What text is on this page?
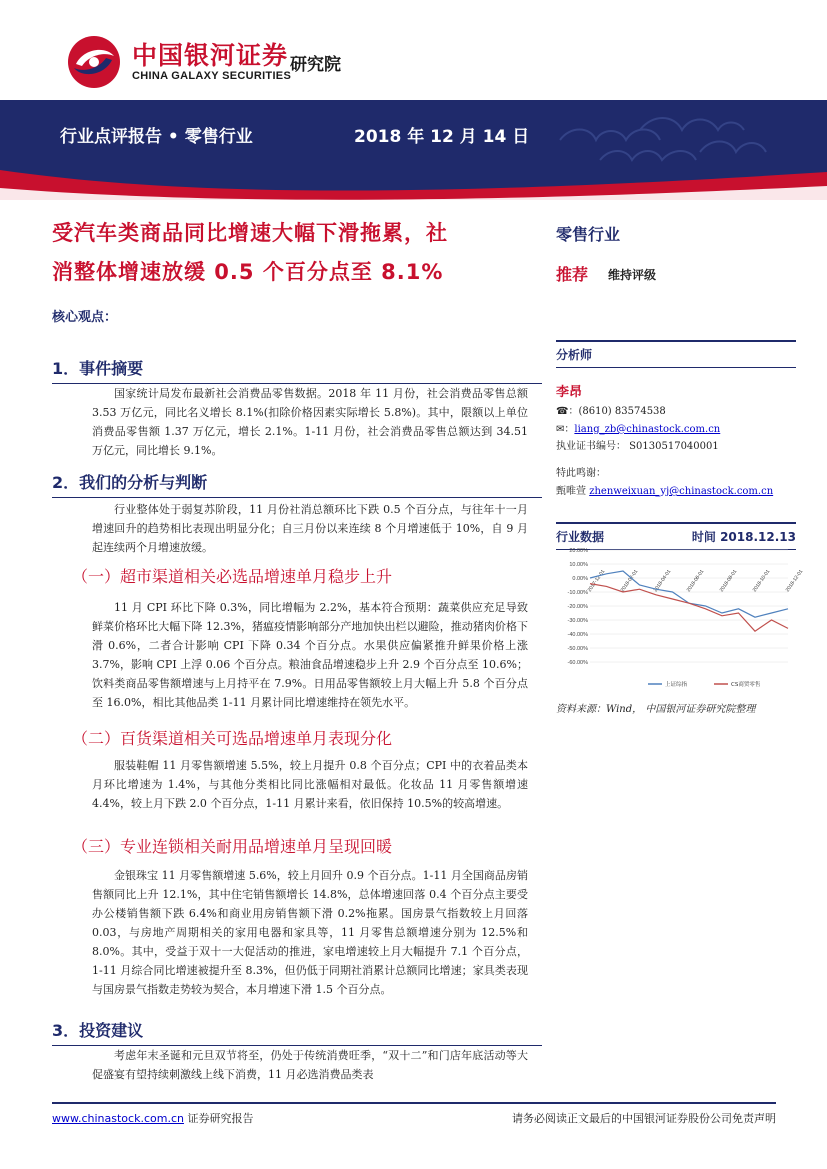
中国银河证券
CHINA GALAXY SECURITIES
研究院
行业点评报告 • 零售行业	2018 年 12 月 14 日
受汽车类商品同比增速大幅下滑拖累，社
消整体增速放缓 0.5 个百分点至 8.1%
核心观点：
1．事件摘要
国家统计局发布最新社会消费品零售数据。2018 年 11 月份，社会消费品零售总额 3.53 万亿元，同比名义增长 8.1%(扣除价格因素实际增长 5.8%)。其中，限额以上单位消费品零售额 1.37 万亿元，增长 2.1%。1-11 月份，社会消费品零售总额达到 34.51 万亿元，同比增长 9.1%。
2．我们的分析与判断
行业整体处于弱复苏阶段，11 月份社消总额环比下跌 0.5 个百分点，与往年十一月增速回升的趋势相比表现出明显分化；自三月份以来连续 8 个月增速低于 10%，自 9 月起连续两个月增速放缓。
（一）超市渠道相关必选品增速单月稳步上升
11 月 CPI 环比下降 0.3%，同比增幅为 2.2%，基本符合预期：蔬菜供应充足导致鲜菜价格环比大幅下降 12.3%，猪瘟疫情影响部分产地加快出栏以避险，推动猪肉价格下滑 0.6%，二者合计影响 CPI 下降 0.34 个百分点。水果供应偏紧推升鲜果价格上涨 3.7%，影响 CPI 上浮 0.06 个百分点。粮油食品增速稳步上升 2.9 个百分点至 10.6%；饮料类商品零售额增速与上月持平在 7.9%。日用品零售额较上月大幅上升 5.8 个百分点至 16.0%，相比其他品类 1-11 月累计同比增速维持在领先水平。
（二）百货渠道相关可选品增速单月表现分化
服装鞋帽 11 月零售额增速 5.5%，较上月提升 0.8 个百分点；CPI 中的衣着品类本月环比增速为 1.4%，与其他分类相比同比涨幅相对最低。化妆品 11 月零售额增速 4.4%，较上月下跌 2.0 个百分点，1-11 月累计来看，依旧保持 10.5%的较高增速。
（三）专业连锁相关耐用品增速单月呈现回暖
金银珠宝 11 月零售额增速 5.6%，较上月回升 0.9 个百分点。1-11 月全国商品房销售额同比上升 12.1%，其中住宅销售额增长 14.8%，总体增速回落 0.4 个百分点主要受办公楼销售额下跌 6.4%和商业用房销售额下滑 0.2%拖累。国房景气指数较上月回落 0.03，与房地产周期相关的家用电器和家具等，11 月零售总额增速分别为 12.5%和 8.0%。其中，受益于双十一大促活动的推进，家电增速较上月大幅提升 7.1 个百分点，1-11 月综合同比增速被提升至 8.3%，但仍低于同期社消累计总额同比增速；家具类表现与国房景气指数走势较为契合，本月增速下滑 1.5 个百分点。
3．投资建议
考虑年末圣诞和元旦双节将至，仍处于传统消费旺季，“双十二”和门店年底活动等大促盛宴有望持续刺激线上线下消费，11 月必选消费品类表
零售行业
推荐 维持评级
分析师
李昂
☎：(8610) 83574538
✉：liang_zb@chinastock.com.cn
执业证书编号： S0130517040001
特此鸣谢：
甄唯萱 zhenweixuan_yj@chinastock.com.cn
行业数据	时间 2018.12.13
20.00%
10.00%
0.00%
-10.00%
-20.00%
-30.00%
-40.00%
-50.00%
-60.00%
2017-12-01	2018-02-01	2018-04-01	2018-06-01	2018-08-01	2018-10-01	2018-12-01
上证综指	CS商贸零售
资料来源：Wind， 中国银河证券研究院整理
www.chinastock.com.cn 证券研究报告	请务必阅读正文最后的中国银河证券股份公司免责声明
